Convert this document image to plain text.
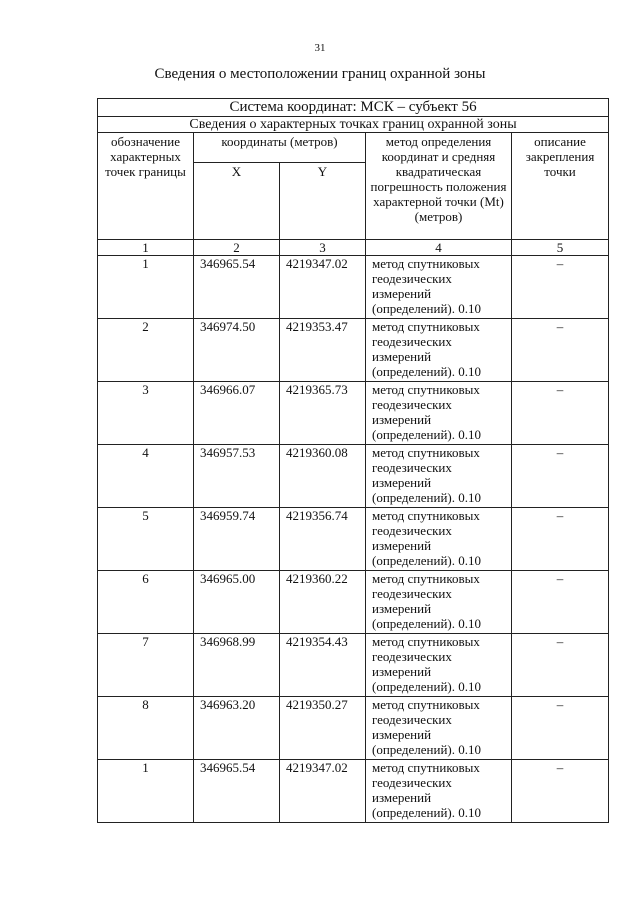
31
Сведения о местоположении границ охранной зоны
Система координат: МСК – субъект 56				
Сведения о характерных точках границ охранной зоны				
обозначение характерных точек границы	координаты (метров)		метод определения координат и средняя квадратическая погрешность положения характерной точки (Mt) (метров)	описание закрепления точки
	X	Y		
1	2	3	4	5
1	346965.54	4219347.02	метод спутниковых геодезических измерений (определений). 0.10	–
2	346974.50	4219353.47	метод спутниковых геодезических измерений (определений). 0.10	–
3	346966.07	4219365.73	метод спутниковых геодезических измерений (определений). 0.10	–
4	346957.53	4219360.08	метод спутниковых геодезических измерений (определений). 0.10	–
5	346959.74	4219356.74	метод спутниковых геодезических измерений (определений). 0.10	–
6	346965.00	4219360.22	метод спутниковых геодезических измерений (определений). 0.10	–
7	346968.99	4219354.43	метод спутниковых геодезических измерений (определений). 0.10	–
8	346963.20	4219350.27	метод спутниковых геодезических измерений (определений). 0.10	–
1	346965.54	4219347.02	метод спутниковых геодезических измерений (определений). 0.10	–
